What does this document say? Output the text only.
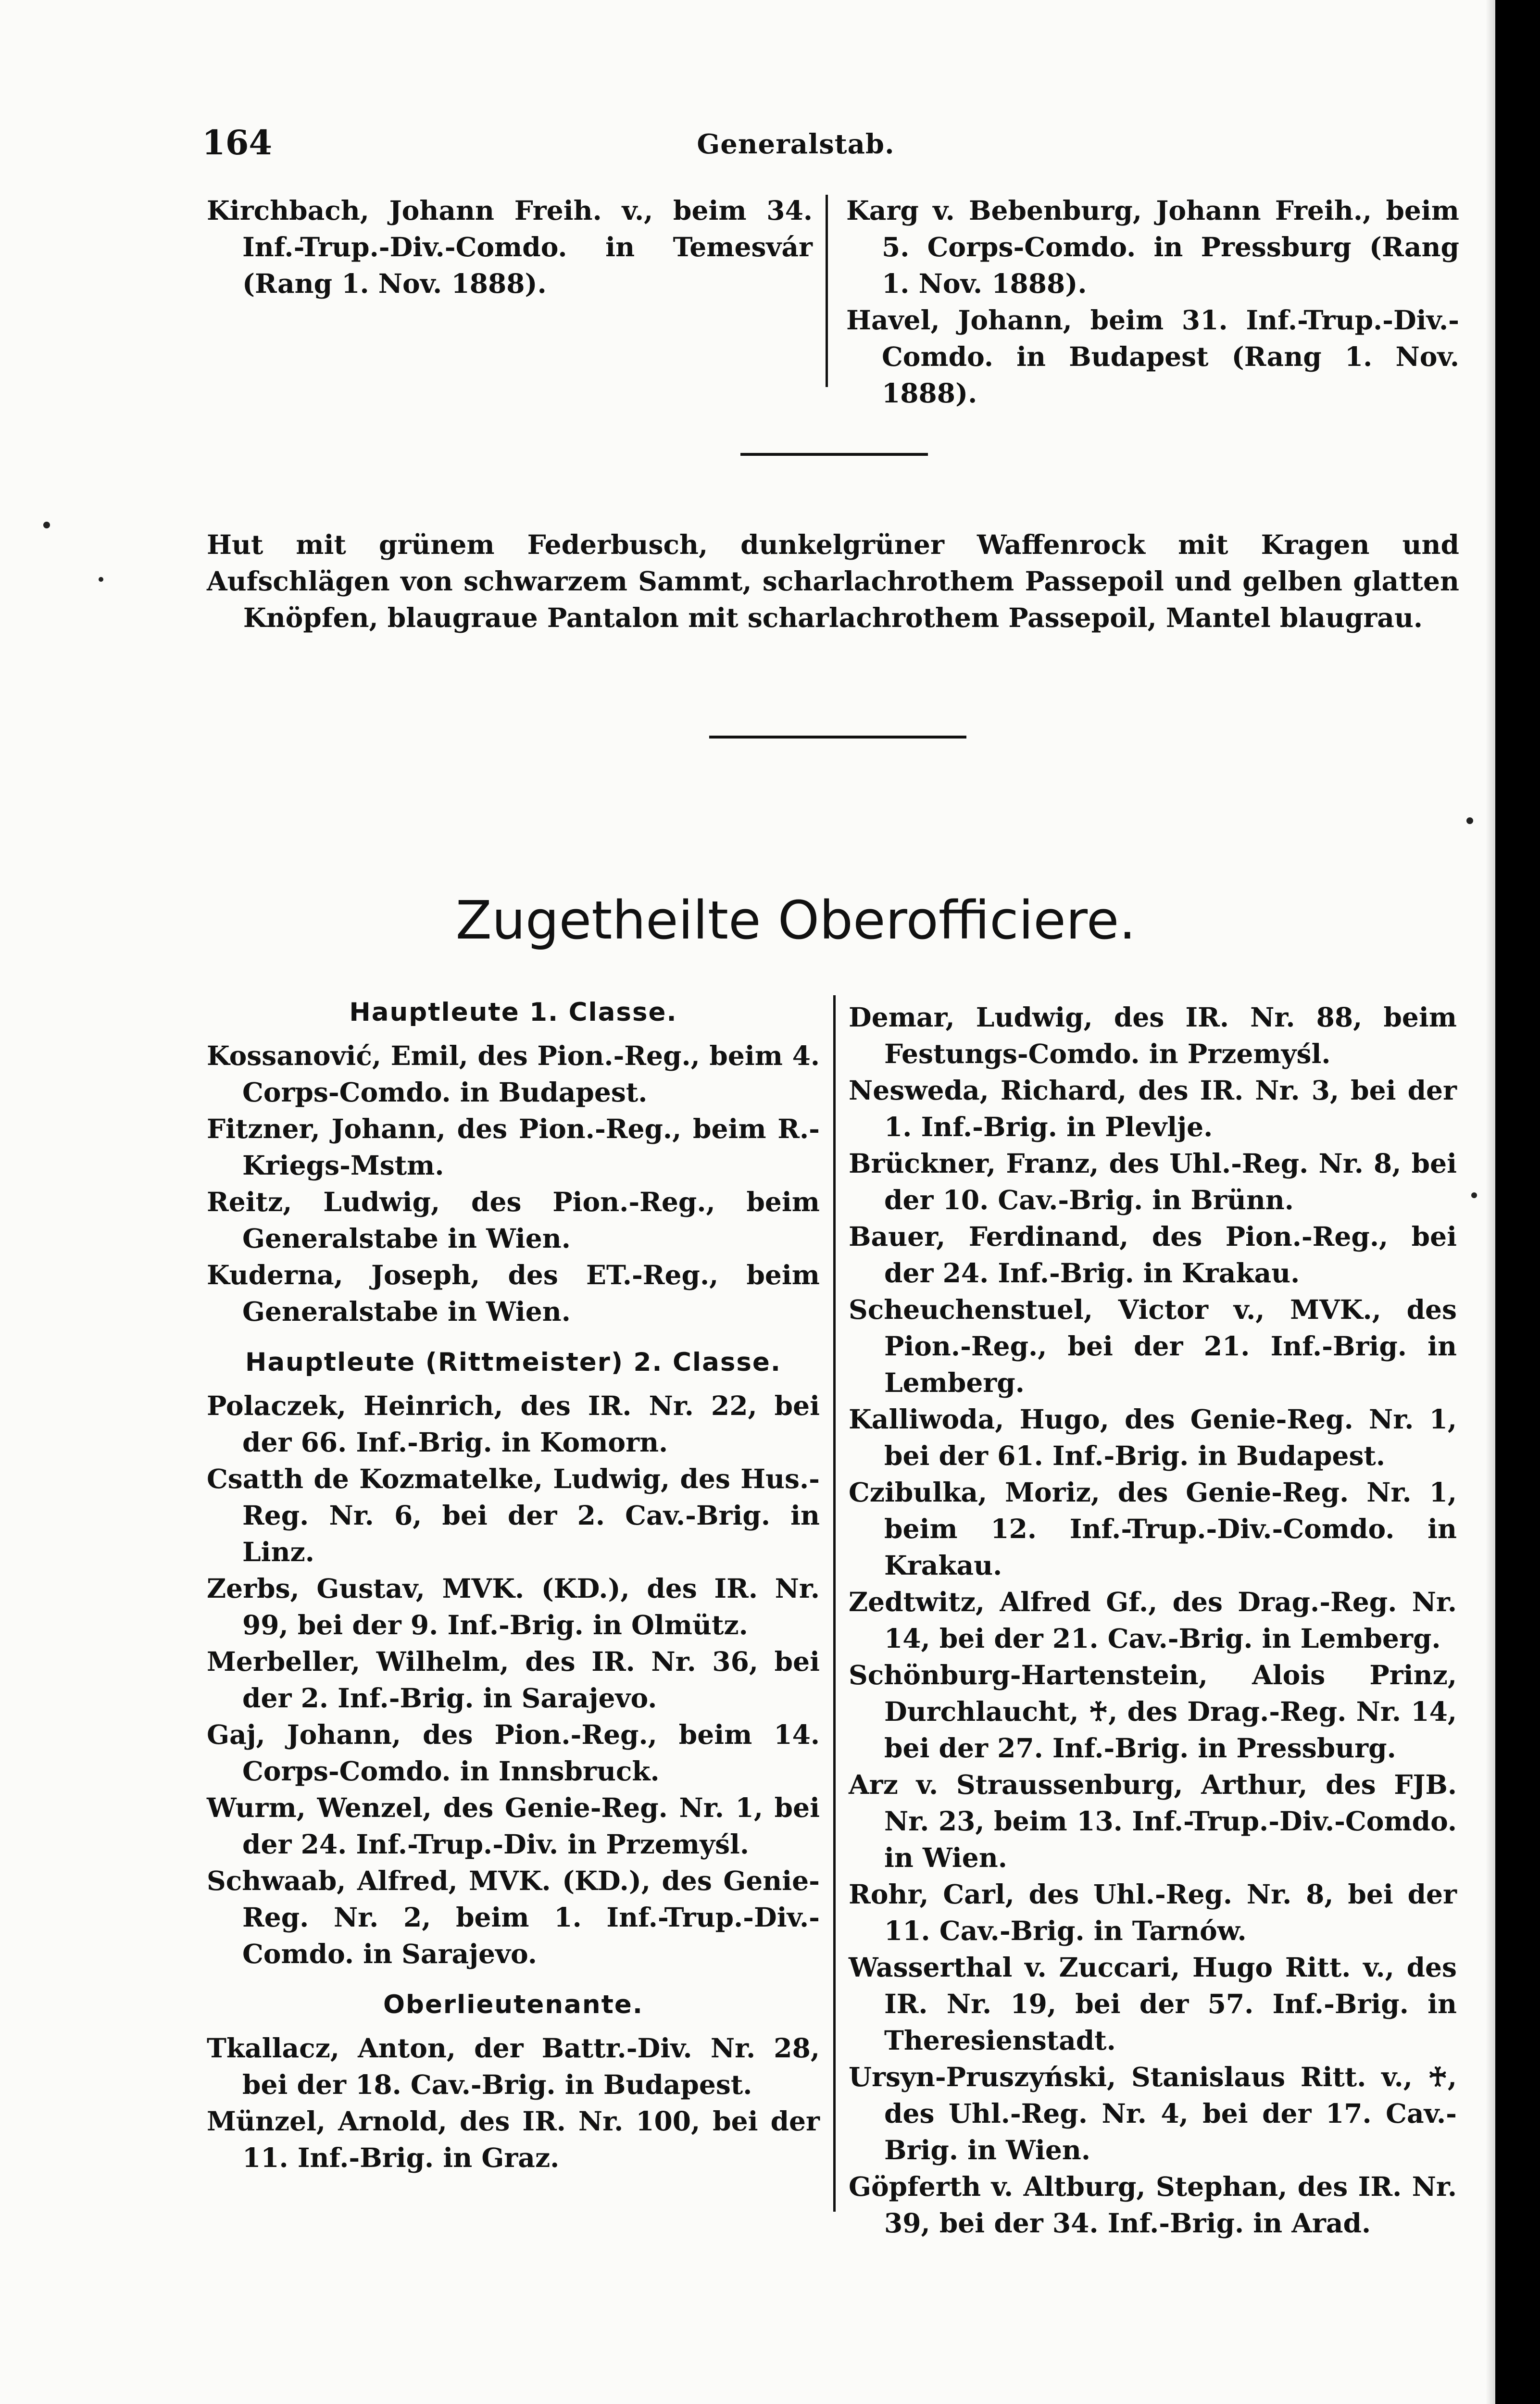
164	Generalstab.
Kirchbach, Johann Freih. v., beim 34. Inf.-Trup.-Div.-Comdo. in Temesvár (Rang 1. Nov. 1888).
Karg v. Bebenburg, Johann Freih., beim 5. Corps-Comdo. in Pressburg (Rang 1. Nov. 1888).
Havel, Johann, beim 31. Inf.-Trup.-Div.-Comdo. in Budapest (Rang 1. Nov. 1888).
Hut mit grünem Federbusch, dunkelgrüner Waffenrock mit Kragen und Aufschlägen von schwarzem Sammt, scharlachrothem Passepoil und gelben glatten Knöpfen, blaugraue Pantalon mit scharlachrothem Passepoil, Mantel blaugrau.
Zugetheilte Oberofficiere.
Hauptleute 1. Classe.
Kossanović, Emil, des Pion.-Reg., beim 4. Corps-Comdo. in Budapest.
Fitzner, Johann, des Pion.-Reg., beim R.-Kriegs-Mstm.
Reitz, Ludwig, des Pion.-Reg., beim Generalstabe in Wien.
Kuderna, Joseph, des ET.-Reg., beim Generalstabe in Wien.
Hauptleute (Rittmeister) 2. Classe.
Polaczek, Heinrich, des IR. Nr. 22, bei der 66. Inf.-Brig. in Komorn.
Csatth de Kozmatelke, Ludwig, des Hus.-Reg. Nr. 6, bei der 2. Cav.-Brig. in Linz.
Zerbs, Gustav, MVK. (KD.), des IR. Nr. 99, bei der 9. Inf.-Brig. in Olmütz.
Merbeller, Wilhelm, des IR. Nr. 36, bei der 2. Inf.-Brig. in Sarajevo.
Gaj, Johann, des Pion.-Reg., beim 14. Corps-Comdo. in Innsbruck.
Wurm, Wenzel, des Genie-Reg. Nr. 1, bei der 24. Inf.-Trup.-Div. in Przemyśl.
Schwaab, Alfred, MVK. (KD.), des Genie-Reg. Nr. 2, beim 1. Inf.-Trup.-Div.-Comdo. in Sarajevo.
Oberlieutenante.
Tkallacz, Anton, der Battr.-Div. Nr. 28, bei der 18. Cav.-Brig. in Budapest.
Münzel, Arnold, des IR. Nr. 100, bei der 11. Inf.-Brig. in Graz.
Demar, Ludwig, des IR. Nr. 88, beim Festungs-Comdo. in Przemyśl.
Nesweda, Richard, des IR. Nr. 3, bei der 1. Inf.-Brig. in Plevlje.
Brückner, Franz, des Uhl.-Reg. Nr. 8, bei der 10. Cav.-Brig. in Brünn.
Bauer, Ferdinand, des Pion.-Reg., bei der 24. Inf.-Brig. in Krakau.
Scheuchenstuel, Victor v., MVK., des Pion.-Reg., bei der 21. Inf.-Brig. in Lemberg.
Kalliwoda, Hugo, des Genie-Reg. Nr. 1, bei der 61. Inf.-Brig. in Budapest.
Czibulka, Moriz, des Genie-Reg. Nr. 1, beim 12. Inf.-Trup.-Div.-Comdo. in Krakau.
Zedtwitz, Alfred Gf., des Drag.-Reg. Nr. 14, bei der 21. Cav.-Brig. in Lemberg.
Schönburg-Hartenstein, Alois Prinz, Durchlaucht, ♰, des Drag.-Reg. Nr. 14, bei der 27. Inf.-Brig. in Pressburg.
Arz v. Straussenburg, Arthur, des FJB. Nr. 23, beim 13. Inf.-Trup.-Div.-Comdo. in Wien.
Rohr, Carl, des Uhl.-Reg. Nr. 8, bei der 11. Cav.-Brig. in Tarnów.
Wasserthal v. Zuccari, Hugo Ritt. v., des IR. Nr. 19, bei der 57. Inf.-Brig. in Theresienstadt.
Ursyn-Pruszyński, Stanislaus Ritt. v., ♰, des Uhl.-Reg. Nr. 4, bei der 17. Cav.-Brig. in Wien.
Göpferth v. Altburg, Stephan, des IR. Nr. 39, bei der 34. Inf.-Brig. in Arad.
